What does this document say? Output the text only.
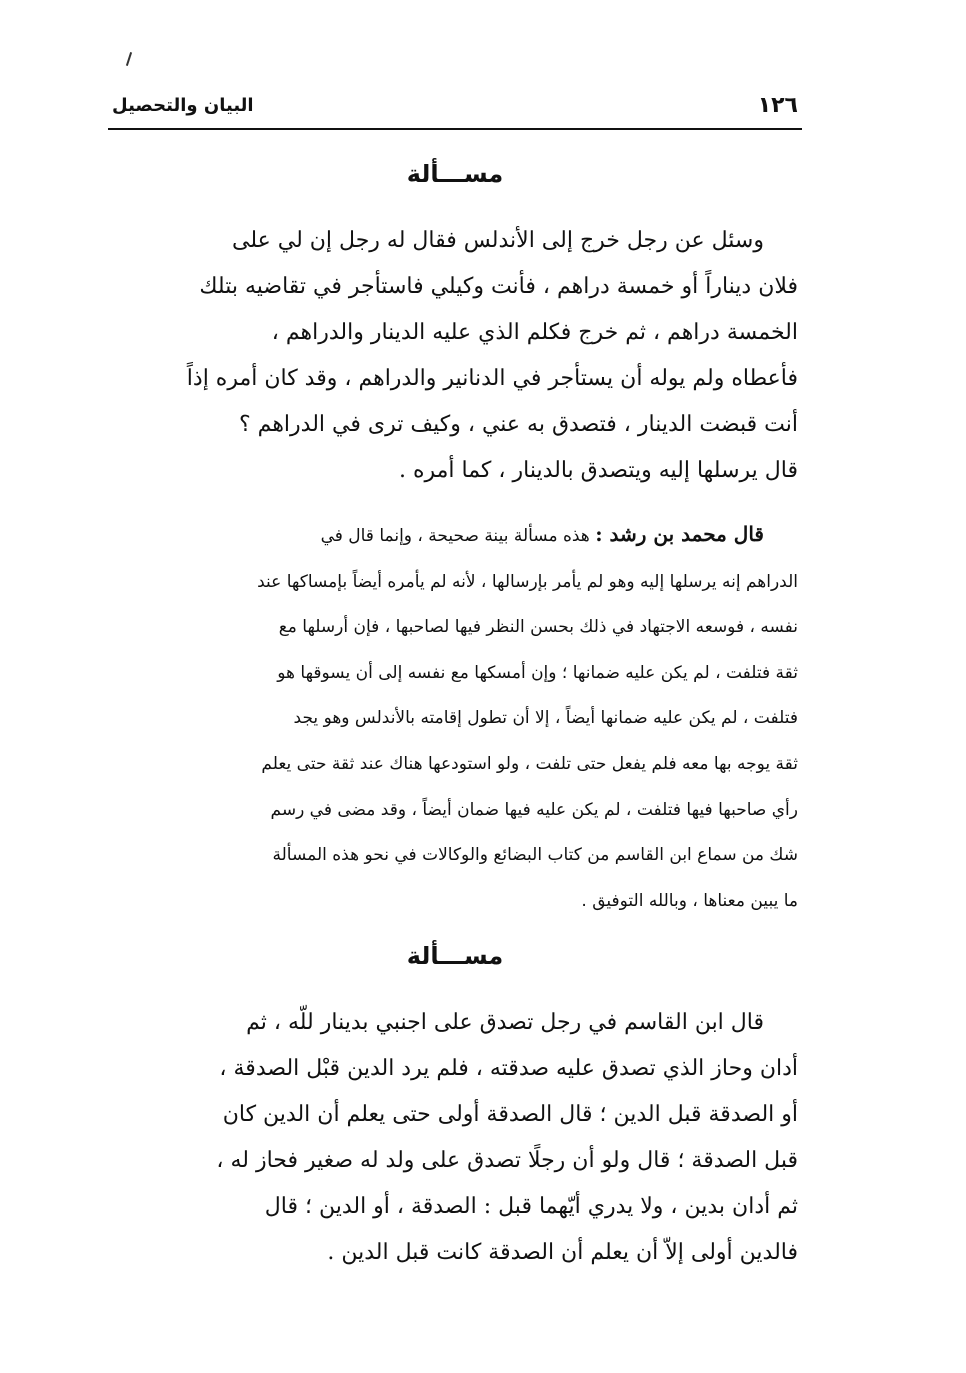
١٢٦
البيان والتحصيل
مســـألة

وسئل عن رجل خرج إلى الأندلس فقال له رجل إن لي على
فلان ديناراً أو خمسة دراهم ، فأنت وكيلي فاستأجر في تقاضيه بتلك
الخمسة دراهم ، ثم خرج فكلم الذي عليه الدينار والدراهم ،
فأعطاه ولم يوله أن يستأجر في الدنانير والدراهم ، وقد كان أمره إذاً
أنت قبضت الدينار ، فتصدق به عني ، وكيف ترى في الدراهم ؟
قال يرسلها إليه ويتصدق بالدينار ، كما أمره .

قال محمد بن رشد : هذه مسألة بينة صحيحة ، وإنما قال في
الدراهم إنه يرسلها إليه وهو لم يأمر بإرسالها ، لأنه لم يأمره أيضاً بإمساكها عند
نفسه ، فوسعه الاجتهاد في ذلك بحسن النظر فيها لصاحبها ، فإن أرسلها مع
ثقة فتلفت ، لم يكن عليه ضمانها ؛ وإن أمسكها مع نفسه إلى أن يسوقها هو
فتلفت ، لم يكن عليه ضمانها أيضاً ، إلا أن تطول إقامته بالأندلس وهو يجد
ثقة يوجه بها معه فلم يفعل حتى تلفت ، ولو استودعها هناك عند ثقة حتى يعلم
رأي صاحبها فيها فتلفت ، لم يكن عليه فيها ضمان أيضاً ، وقد مضى في رسم
شك من سماع ابن القاسم من كتاب البضائع والوكالات في نحو هذه المسألة
ما يبين معناها ، وبالله التوفيق .

مســـألة

قال ابن القاسم في رجل تصدق على اجنبي بدينار للّه ، ثم
أدان وحاز الذي تصدق عليه صدقته ، فلم يرد الدين قبْل الصدقة ،
أو الصدقة قبل الدين ؛ قال الصدقة أولى حتى يعلم أن الدين كان
قبل الصدقة ؛ قال ولو أن رجلًا تصدق على ولد له صغير فحاز له ،
ثم أدان بدين ، ولا يدري أيّهما قبل : الصدقة ، أو الدين ؛ قال
فالدين أولى إلاّ أن يعلم أن الصدقة كانت قبل الدين .
